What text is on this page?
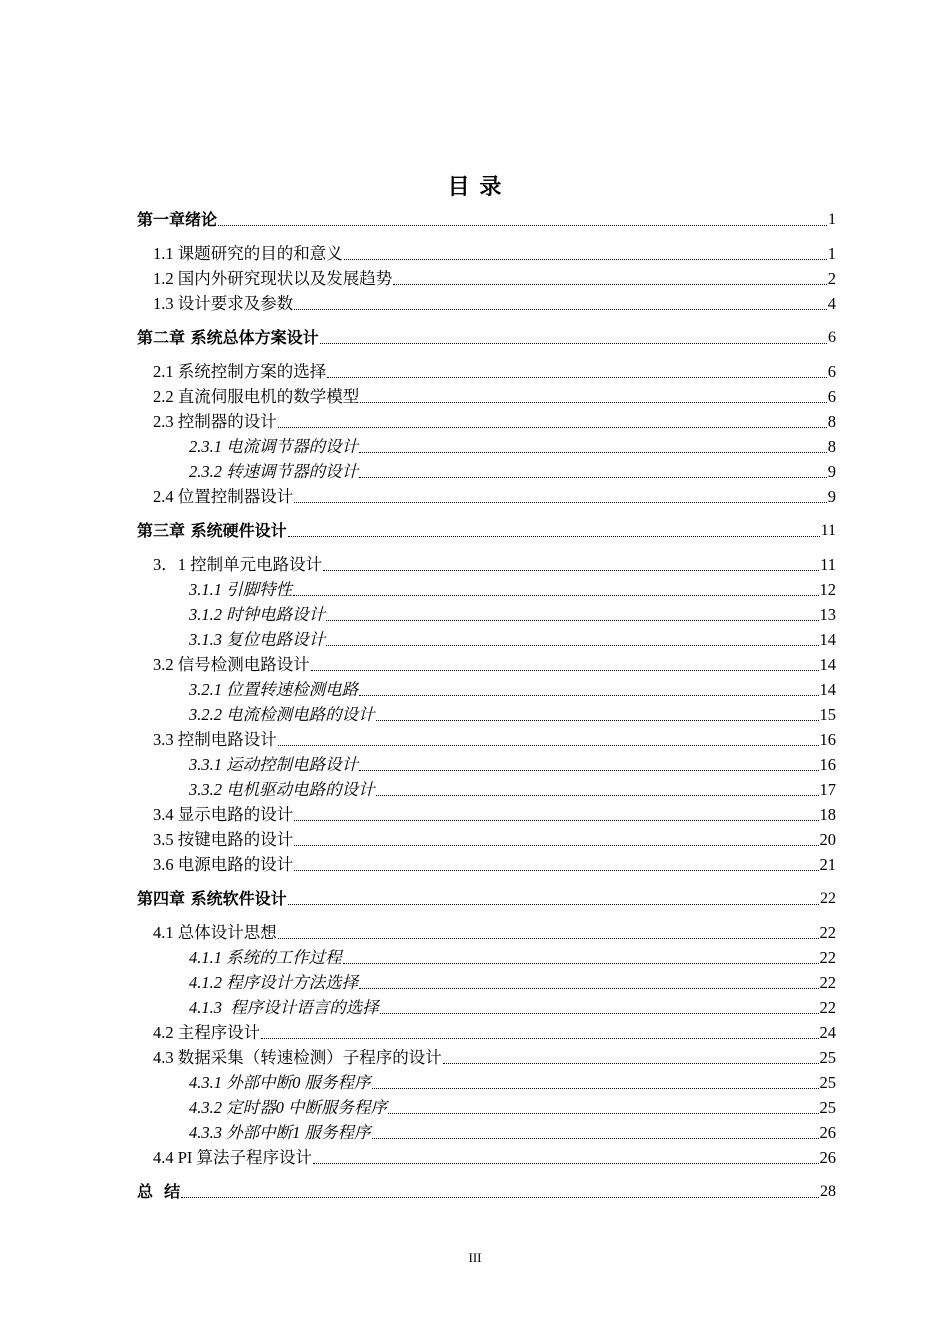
目 录
第一章绪论	1
1.1 课题研究的目的和意义	1
1.2 国内外研究现状以及发展趋势	2
1.3 设计要求及参数	4
第二章 系统总体方案设计	6
2.1 系统控制方案的选择	6
2.2 直流伺服电机的数学模型	6
2.3 控制器的设计	8
2.3.1 电流调节器的设计	8
2.3.2 转速调节器的设计	9
2.4 位置控制器设计	9
第三章 系统硬件设计	11
3．1 控制单元电路设计	11
3.1.1 引脚特性	12
3.1.2 时钟电路设计	13
3.1.3 复位电路设计	14
3.2 信号检测电路设计	14
3.2.1 位置转速检测电路	14
3.2.2 电流检测电路的设计	15
3.3 控制电路设计	16
3.3.1 运动控制电路设计	16
3.3.2 电机驱动电路的设计	17
3.4 显示电路的设计	18
3.5 按键电路的设计	20
3.6 电源电路的设计	21
第四章 系统软件设计	22
4.1 总体设计思想	22
4.1.1 系统的工作过程	22
4.1.2 程序设计方法选择	22
4.1.3  程序设计语言的选择	22
4.2 主程序设计	24
4.3 数据采集（转速检测）子程序的设计	25
4.3.1 外部中断0 服务程序	25
4.3.2 定时器0 中断服务程序	25
4.3.3 外部中断1 服务程序	26
4.4 PI 算法子程序设计	26
总  结	28
III
